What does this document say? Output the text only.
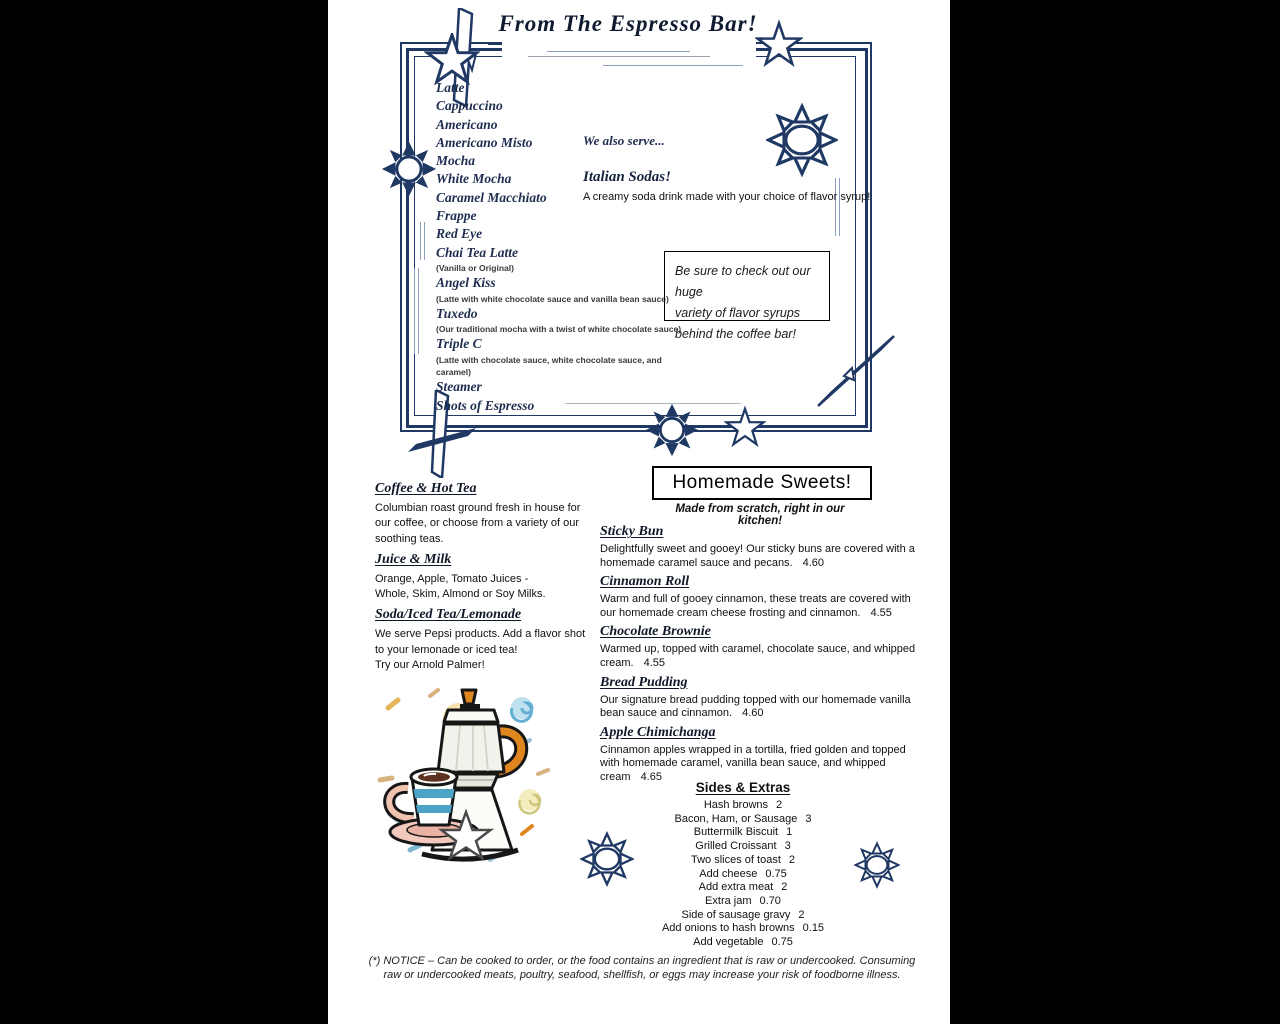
From The Espresso Bar!
Latte
Cappuccino
Americano
Americano Misto
Mocha
White Mocha
Caramel Macchiato
Frappe
Red Eye
Chai Tea Latte
(Vanilla or Original)
Angel Kiss
(Latte with white chocolate sauce and vanilla bean sauce)
Tuxedo
(Our traditional mocha with a twist of white chocolate sauce)
Triple C
(Latte with chocolate sauce, white chocolate sauce, and caramel)
Steamer
Shots of Espresso
We also serve...
Italian Sodas!
A creamy soda drink made with your choice of flavor syrup!
Be sure to check out our huge
variety of flavor syrups
behind the coffee bar!
Homemade Sweets!
Made from scratch, right in our kitchen!
Coffee & Hot Tea
Columbian roast ground fresh in house for
our coffee, or choose from a variety of our
soothing teas.
Juice & Milk
Orange, Apple, Tomato Juices -
Whole, Skim, Almond or Soy Milks.
Soda/Iced Tea/Lemonade
We serve Pepsi products. Add a flavor shot
to your lemonade or iced tea!
Try our Arnold Palmer!
Sticky Bun
Delightfully sweet and gooey! Our sticky buns are covered with a homemade caramel sauce and pecans. 4.60
Cinnamon Roll
Warm and full of gooey cinnamon, these treats are covered with our homemade cream cheese frosting and cinnamon. 4.55
Chocolate Brownie
Warmed up, topped with caramel, chocolate sauce, and whipped cream. 4.55
Bread Pudding
Our signature bread pudding topped with our homemade vanilla bean sauce and cinnamon. 4.60
Apple Chimichanga
Cinnamon apples wrapped in a tortilla, fried golden and topped with homemade caramel, vanilla bean sauce, and whipped cream 4.65
Sides & Extras
Hash browns 2
Bacon, Ham, or Sausage 3
Buttermilk Biscuit 1
Grilled Croissant 3
Two slices of toast 2
Add cheese 0.75
Add extra meat 2
Extra jam 0.70
Side of sausage gravy 2
Add onions to hash browns 0.15
Add vegetable 0.75
(*) NOTICE – Can be cooked to order, or the food contains an ingredient that is raw or undercooked. Consuming raw or undercooked meats, poultry, seafood, shellfish, or eggs may increase your risk of foodborne illness.
